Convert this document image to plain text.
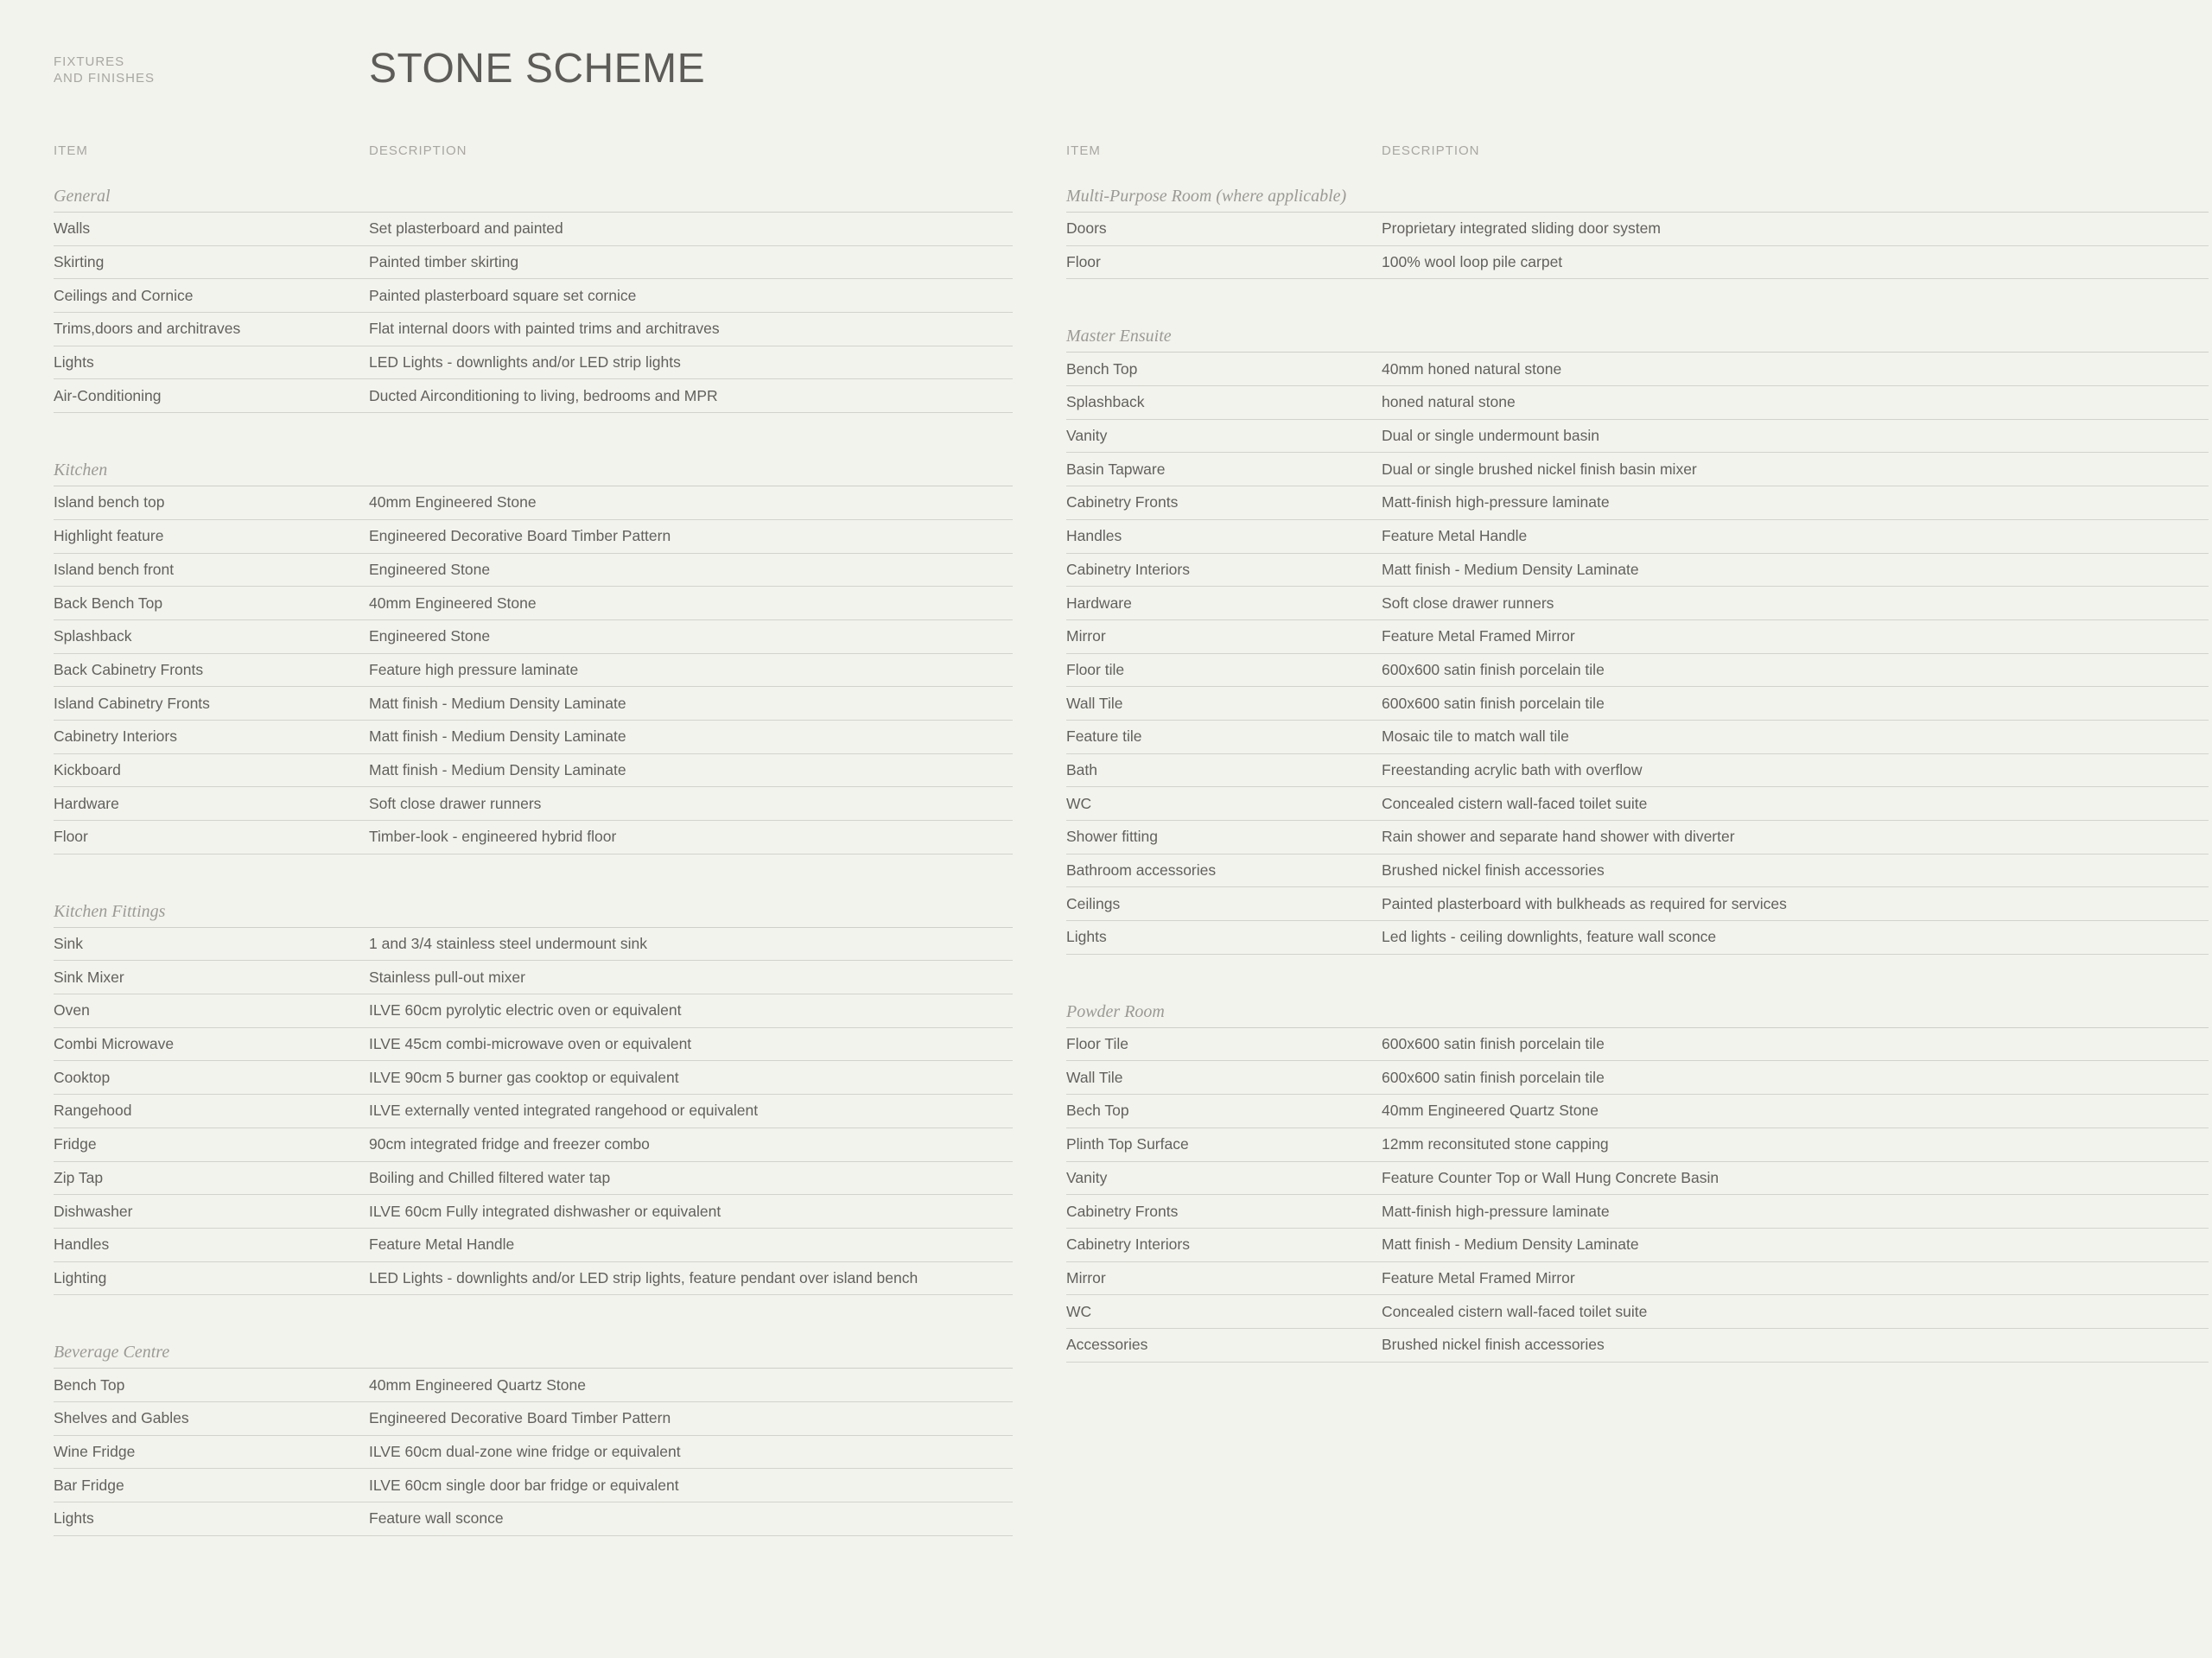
FIXTURES
AND FINISHES	STONE SCHEME
ITEM	DESCRIPTION
General
Walls	Set plasterboard and painted
Skirting	Painted timber skirting
Ceilings and Cornice	Painted plasterboard square set cornice
Trims,doors and architraves	Flat internal doors with painted trims and architraves
Lights	LED Lights - downlights and/or LED strip lights
Air-Conditioning	Ducted Airconditioning to living, bedrooms and MPR
Kitchen
Island bench top	40mm Engineered Stone
Highlight feature	Engineered Decorative Board Timber Pattern
Island bench front	Engineered Stone
Back Bench Top	40mm Engineered Stone
Splashback	Engineered Stone
Back Cabinetry Fronts	Feature high pressure laminate
Island Cabinetry Fronts	Matt finish - Medium Density Laminate
Cabinetry Interiors	Matt finish - Medium Density Laminate
Kickboard	Matt finish - Medium Density Laminate
Hardware	Soft close drawer runners
Floor	Timber-look - engineered hybrid floor
Kitchen Fittings
Sink	1 and 3/4 stainless steel undermount sink
Sink Mixer	Stainless pull-out mixer
Oven	ILVE 60cm pyrolytic electric oven or equivalent
Combi Microwave	ILVE 45cm combi-microwave oven or equivalent
Cooktop	ILVE 90cm 5 burner gas cooktop or equivalent
Rangehood	ILVE externally vented integrated rangehood or equivalent
Fridge	90cm integrated fridge and freezer combo
Zip Tap	Boiling and Chilled filtered water tap
Dishwasher	ILVE 60cm Fully integrated dishwasher or equivalent
Handles	Feature Metal Handle
Lighting	LED Lights - downlights and/or LED strip lights, feature pendant over island bench
Beverage Centre
Bench Top	40mm Engineered Quartz Stone
Shelves and Gables	Engineered Decorative Board Timber Pattern
Wine Fridge	ILVE 60cm dual-zone wine fridge or equivalent
Bar Fridge	ILVE 60cm single door bar fridge or equivalent
Lights	Feature wall sconce
ITEM	DESCRIPTION
Multi-Purpose Room (where applicable)
Doors	Proprietary integrated sliding door system
Floor	100% wool loop pile carpet
Master Ensuite
Bench Top	40mm honed natural stone
Splashback	honed natural stone
Vanity	Dual or single undermount basin
Basin Tapware	Dual or single brushed nickel finish basin mixer
Cabinetry Fronts	Matt-finish high-pressure laminate
Handles	Feature Metal Handle
Cabinetry Interiors	Matt finish - Medium Density Laminate
Hardware	Soft close drawer runners
Mirror	Feature Metal Framed Mirror
Floor tile	600x600 satin finish porcelain tile
Wall Tile	600x600 satin finish porcelain tile
Feature tile	Mosaic tile to match wall tile
Bath	Freestanding acrylic bath with overflow
WC	Concealed cistern wall-faced toilet suite
Shower fitting	Rain shower and separate hand shower with diverter
Bathroom accessories	Brushed nickel finish accessories
Ceilings	Painted plasterboard with bulkheads as required for services
Lights	Led lights - ceiling downlights, feature wall sconce
Powder Room
Floor Tile	600x600 satin finish porcelain tile
Wall Tile	600x600 satin finish porcelain tile
Bech Top	40mm Engineered Quartz Stone
Plinth Top Surface	12mm reconsituted stone capping
Vanity	Feature Counter Top or Wall Hung Concrete Basin
Cabinetry Fronts	Matt-finish high-pressure laminate
Cabinetry Interiors	Matt finish - Medium Density Laminate
Mirror	Feature Metal Framed Mirror
WC	Concealed cistern wall-faced toilet suite
Accessories	Brushed nickel finish accessories
